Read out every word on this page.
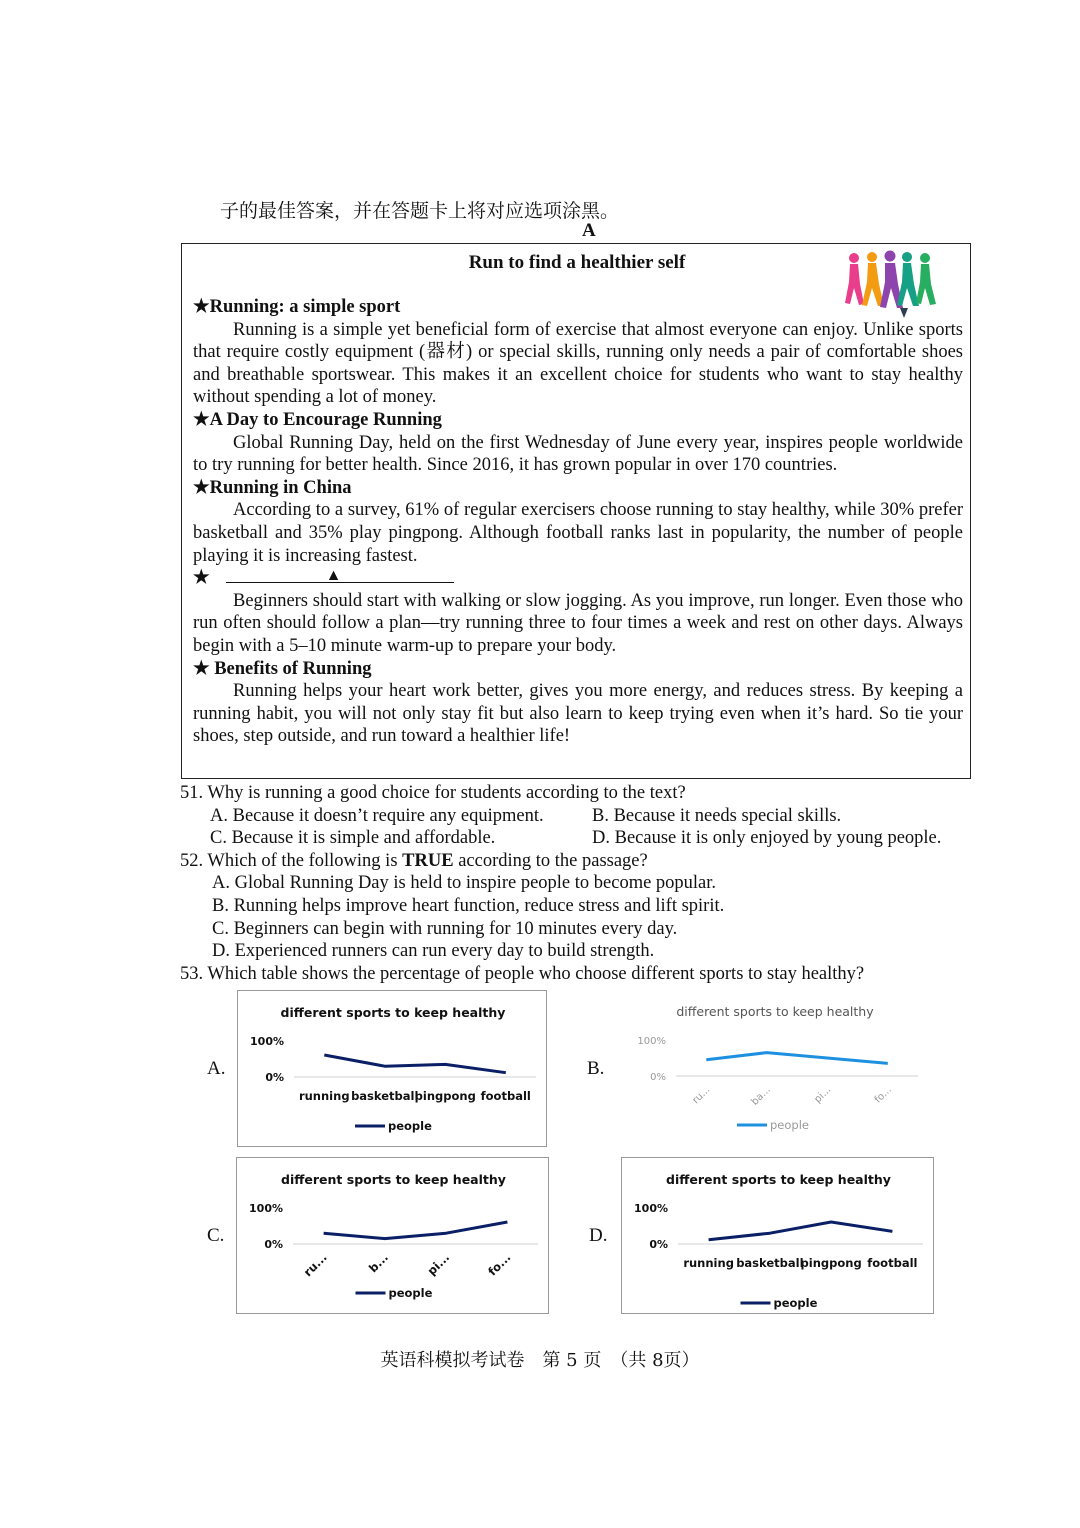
子的最佳答案，并在答题卡上将对应选项涂黑。
A
Run to find a healthier self
★Running: a simple sport

Running is a simple yet beneficial form of exercise that almost everyone can enjoy. Unlike sports that require costly equipment (器材) or special skills, running only needs a pair of comfortable shoes and breathable sportswear. This makes it an excellent choice for students who want to stay healthy without spending a lot of money.

★A Day to Encourage Running

Global Running Day, held on the first Wednesday of June every year, inspires people worldwide to try running for better health. Since 2016, it has grown popular in over 170 countries.

★Running in China

According to a survey, 61% of regular exercisers choose running to stay healthy, while 30% prefer basketball and 35% play pingpong. Although football ranks last in popularity, the number of people playing it is increasing fastest.

★	▲

Beginners should start with walking or slow jogging. As you improve, run longer. Even those who run often should follow a plan—try running three to four times a week and rest on other days. Always begin with a 5–10 minute warm-up to prepare your body.

★ Benefits of Running

Running helps your heart work better, gives you more energy, and reduces stress. By keeping a running habit, you will not only stay fit but also learn to keep trying even when it’s hard. So tie your shoes, step outside, and run toward a healthier life!

51. Why is running a good choice for students according to the text?

A. Because it doesn’t require any equipment.	B. Because it needs special skills.
C. Because it is simple and affordable.	D. Because it is only enjoyed by young people.

52. Which of the following is TRUE according to the passage?

A. Global Running Day is held to inspire people to become popular.

B. Running helps improve heart function, reduce stress and lift spirit.

C. Beginners can begin with running for 10 minutes every day.

D. Experienced runners can run every day to build strength.

53. Which table shows the percentage of people who choose different sports to stay healthy?

A.
different sports to keep healthy
100%
0%
running basketball
pingpong football
people
B.
different sports to keep healthy
100%
0%
ru...	ba...	pi...	fo...
people
C.
different sports to keep healthy
100%
0%
ru...	b...	pi...	fo...
people
D.
different sports to keep healthy
100%
0%
running basketball
pingpong football
people
英语科模拟考试卷　第 5 页　（共 8页）
